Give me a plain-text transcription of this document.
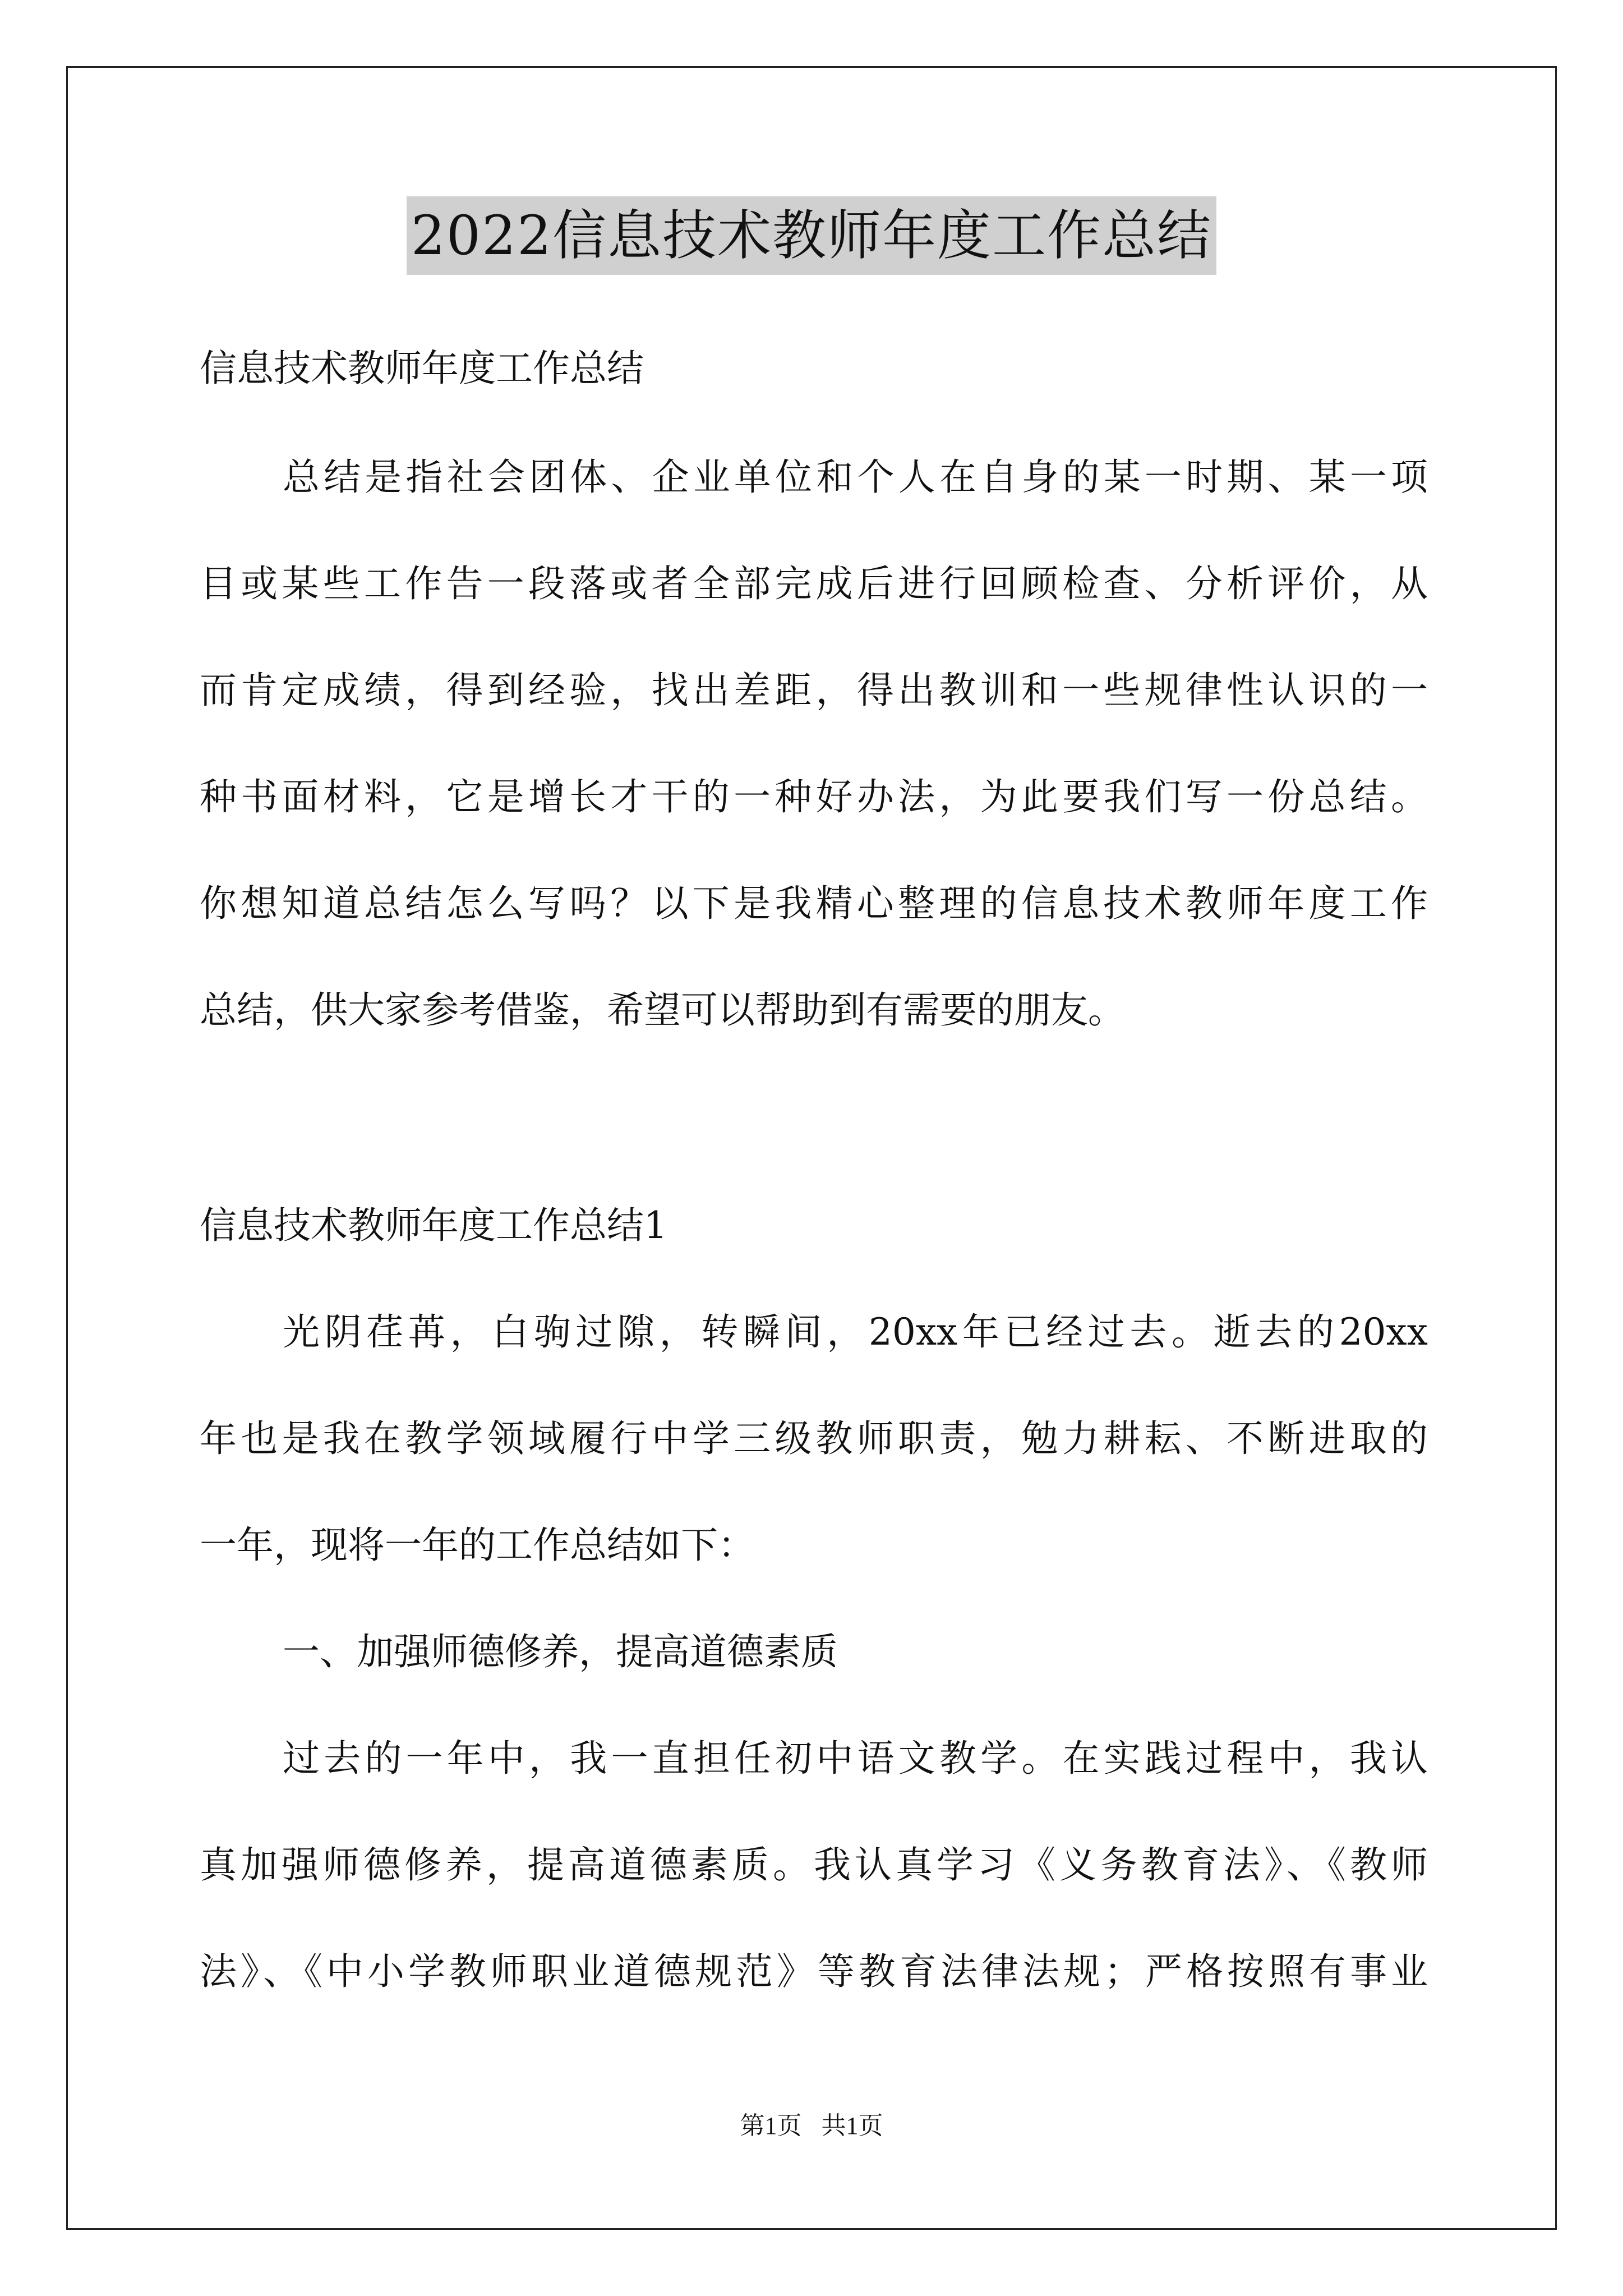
2022信息技术教师年度工作总结
信息技术教师年度工作总结
总结是指社会团体、企业单位和个人在自身的某一时期、某一项
目或某些工作告一段落或者全部完成后进行回顾检查、分析评价，从
而肯定成绩，得到经验，找出差距，得出教训和一些规律性认识的一
种书面材料，它是增长才干的一种好办法，为此要我们写一份总结。
你想知道总结怎么写吗？以下是我精心整理的信息技术教师年度工作
总结，供大家参考借鉴，希望可以帮助到有需要的朋友。
信息技术教师年度工作总结1
光阴荏苒，白驹过隙，转瞬间，20xx年已经过去。逝去的20xx
年也是我在教学领域履行中学三级教师职责，勉力耕耘、不断进取的
一年，现将一年的工作总结如下：
一、加强师德修养，提高道德素质
过去的一年中，我一直担任初中语文教学。在实践过程中，我认
真加强师德修养，提高道德素质。我认真学习《义务教育法》、《教师
法》、《中小学教师职业道德规范》等教育法律法规；严格按照有事业
第1页 共1页
